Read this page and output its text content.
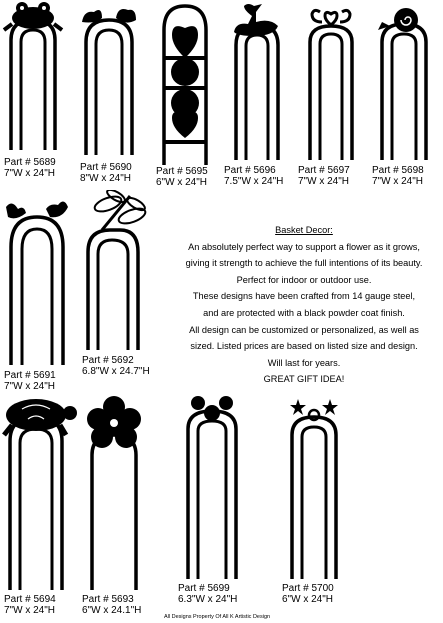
Part # 5689
7"W x 24"H
Part # 5690
8"W x 24"H
Part # 5695
6"W x 24"H
Part # 5696
7.5"W x 24"H
Part # 5697
7"W x 24"H
Part # 5698
7"W x 24"H
Part # 5691
7"W x 24"H
Part # 5692
6.8"W x 24.7"H
Basket Decor:
An absolutely perfect way to support a flower as it grows,
giving it strength to achieve the full intentions of its beauty.
Perfect for indoor or outdoor use.
These designs have been crafted from 14 gauge steel,
and are protected with a black powder coat finish.
All design can be customized or personalized, as well as
sized. Listed prices are based on listed size and design.
Will last for years.
GREAT GIFT IDEA!
Part # 5694
7"W x 24"H
Part # 5693
6"W x 24.1"H
Part # 5699
6.3"W x 24"H
Part # 5700
6"W x 24"H
All Designs Property Of All K Artistic Design
